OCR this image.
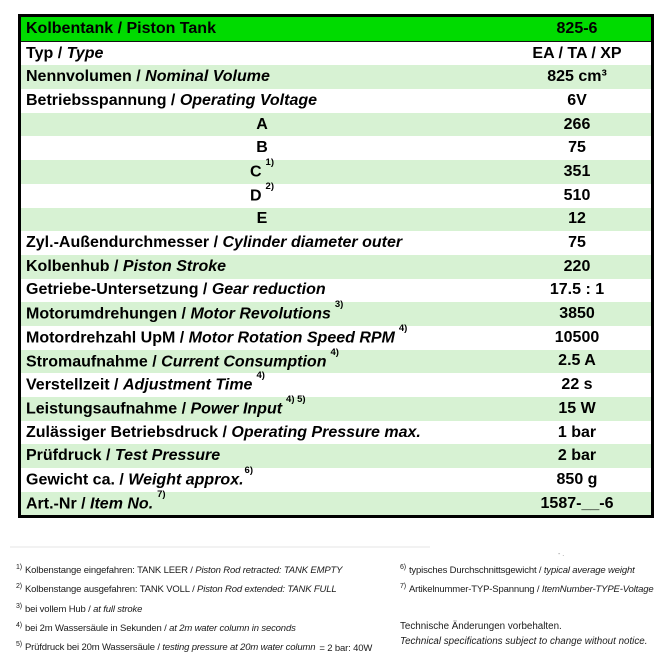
Kolbentank / Piston Tank	825-6
Typ / Type	EA / TA / XP
Nennvolumen / Nominal Volume	825 cm³
Betriebsspannung / Operating Voltage	6V
A	266
B	75
C$^{1)}$	351
D$^{2)}$	510
E	12
Zyl.-Außendurchmesser / Cylinder diameter outer	75
Kolbenhub / Piston Stroke	220
Getriebe-Untersetzung / Gear reduction	17.5 : 1
Motorumdrehungen / Motor Revolutions$^{3)}$	3850
Motordrehzahl UpM / Motor Rotation Speed RPM$^{4)}$	10500
Stromaufnahme / Current Consumption$^{4)}$	2.5 A
Verstellzeit / Adjustment Time$^{4)}$	22 s
Leistungsaufnahme / Power Input$^{4) 5)}$	15 W
Zulässiger Betriebsdruck / Operating Pressure max.	1 bar
Prüfdruck / Test Pressure	2 bar
Gewicht ca. / Weight approx.$^{6)}$	850 g
Art.-Nr / Item No.$^{7)}$	1587-__-6
- .
$^{1)}$ Kolbenstange eingefahren: TANK LEER / Piston Rod retracted: TANK EMPTY
$^{2)}$ Kolbenstange ausgefahren: TANK VOLL / Piston Rod extended: TANK FULL
$^{3)}$ bei vollem Hub / at full stroke
$^{4)}$ bei 2m Wassersäule in Sekunden / at 2m water column in seconds
$^{5)}$ Prüfdruck bei 20m Wassersäule / testing pressure at 20m water column = 2 bar: 40W
$^{6)}$ typisches Durchschnittsgewicht / typical average weight
$^{7)}$ Artikelnummer-TYP-Spannung / ItemNumber-TYPE-Voltage
Technische Änderungen vorbehalten.
Technical specifications subject to change without notice.
